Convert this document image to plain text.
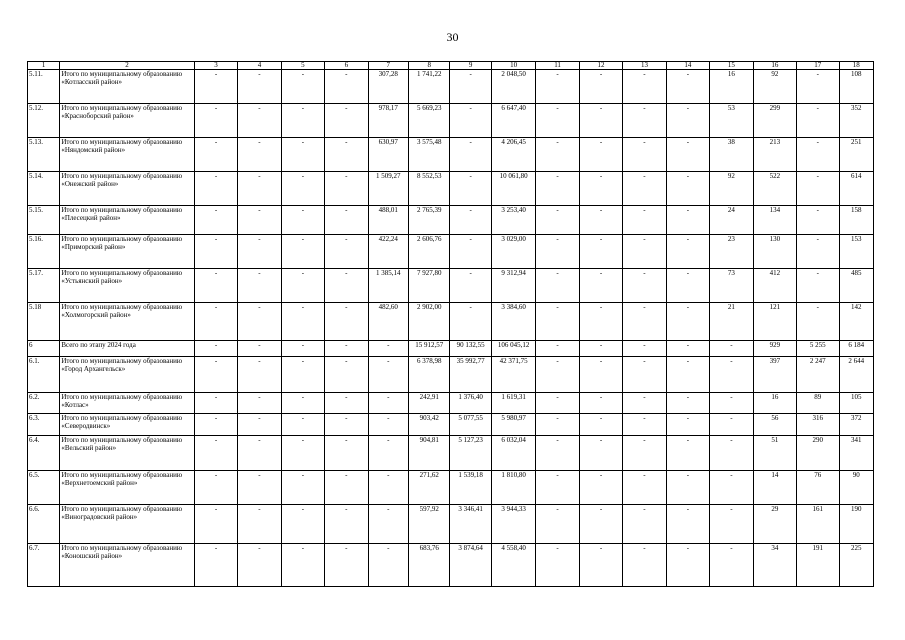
30
1	2	3	4	5	6	7	8	9	10	11	12	13	14	15	16	17	18
5.11.	Итого по муниципальному образованию «Котласский район»	-	-	-	-	307,28	1 741,22	-	2 048,50	-	-	-	-	16	92	-	108
5.12.	Итого по муниципальному образованию «Красноборский район»	-	-	-	-	978,17	5 669,23	-	6 647,40	-	-	-	-	53	299	-	352
5.13.	Итого по муниципальному образованию «Няндомский район»	-	-	-	-	630,97	3 575,48	-	4 206,45	-	-	-	-	38	213	-	251
5.14.	Итого по муниципальному образованию «Онежский район»	-	-	-	-	1 509,27	8 552,53	-	10 061,80	-	-	-	-	92	522	-	614
5.15.	Итого по муниципальному образованию «Плесецкий район»	-	-	-	-	488,01	2 765,39	-	3 253,40	-	-	-	-	24	134	-	158
5.16.	Итого по муниципальному образованию «Приморский район»	-	-	-	-	422,24	2 606,76	-	3 029,00	-	-	-	-	23	130	-	153
5.17.	Итого по муниципальному образованию «Устьянский район»	-	-	-	-	1 385,14	7 927,80	-	9 312,94	-	-	-	-	73	412	-	485
5.18	Итого по муниципальному образованию «Холмогорский район»	-	-	-	-	482,60	2 902,00	-	3 384,60	-	-	-	-	21	121	-	142
6	Всего по этапу 2024 года	-	-	-	-	-	15 912,57	90 132,55	106 045,12	-	-	-	-	-	929	5 255	6 184
6.1.	Итого по муниципальному образованию «Город Архангельск»	-	-	-	-	-	6 378,98	35 992,77	42 371,75	-	-	-	-	-	397	2 247	2 644
6.2.	Итого по муниципальному образованию «Котлас»	-	-	-	-	-	242,91	1 376,40	1 619,31	-	-	-	-	-	16	89	105
6.3.	Итого по муниципальному образованию «Северодвинск»	-	-	-	-	-	903,42	5 077,55	5 980,97	-	-	-	-	-	56	316	372
6.4.	Итого по муниципальному образованию «Вельский район»	-	-	-	-	-	904,81	5 127,23	6 032,04	-	-	-	-	-	51	290	341
6.5.	Итого по муниципальному образованию «Верхнетоемский район»	-	-	-	-	-	271,62	1 539,18	1 810,80	-	-	-	-	-	14	76	90
6.6.	Итого по муниципальному образованию «Виноградовский район»	-	-	-	-	-	597,92	3 346,41	3 944,33	-	-	-	-	-	29	161	190
6.7.	Итого по муниципальному образованию «Коношский район»	-	-	-	-	-	683,76	3 874,64	4 558,40	-	-	-	-	-	34	191	225
